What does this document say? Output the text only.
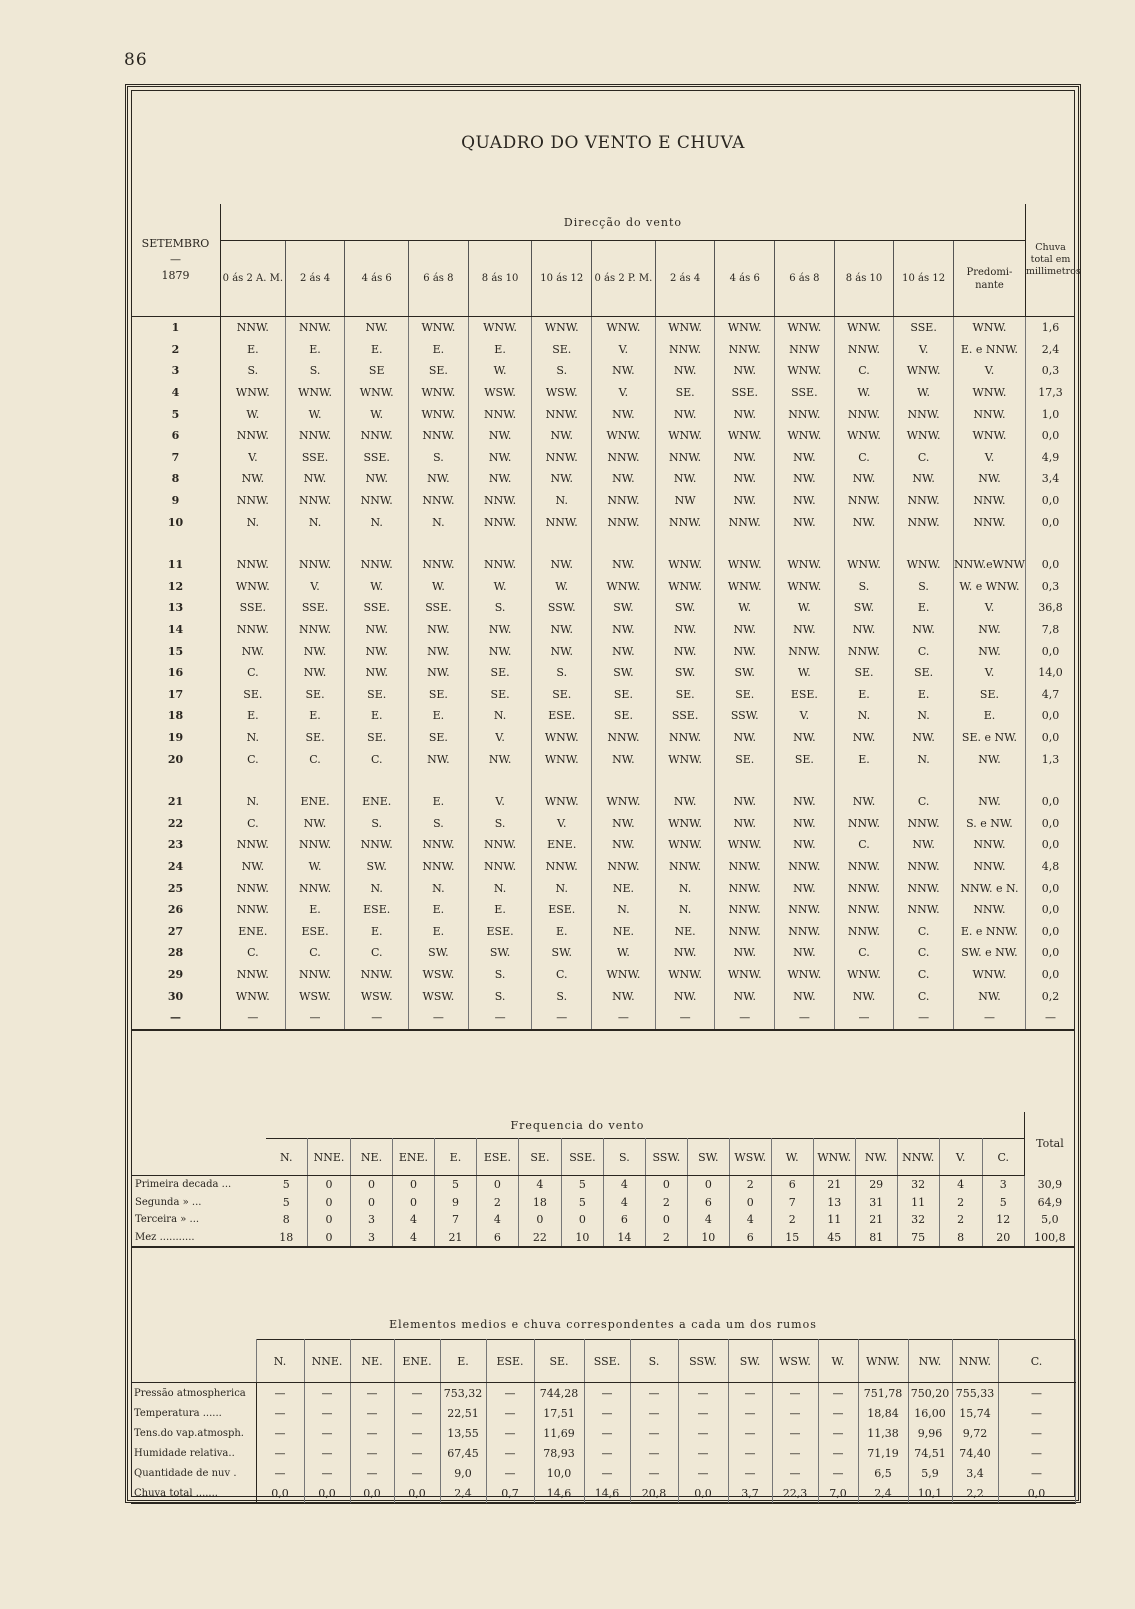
86
QUADRO DO VENTO E CHUVA
SETEMBRO
—
1879	Direcção do vento													Chuva total em millimetros
	0 ás 2 A. M.	2 ás 4	4 ás 6	6 ás 8	8 ás 10	10 ás 12	0 ás 2 P. M.	2 ás 4	4 ás 6	6 ás 8	8 ás 10	10 ás 12	Predomi-nante	
1	NNW.	NNW.	NW.	WNW.	WNW.	WNW.	WNW.	WNW.	WNW.	WNW.	WNW.	SSE.	WNW.	1,6
2	E.	E.	E.	E.	E.	SE.	V.	NNW.	NNW.	NNW	NNW.	V.	E. e NNW.	2,4
3	S.	S.	SE	SE.	W.	S.	NW.	NW.	NW.	WNW.	C.	WNW.	V.	0,3
4	WNW.	WNW.	WNW.	WNW.	WSW.	WSW.	V.	SE.	SSE.	SSE.	W.	W.	WNW.	17,3
5	W.	W.	W.	WNW.	NNW.	NNW.	NW.	NW.	NW.	NNW.	NNW.	NNW.	NNW.	1,0
6	NNW.	NNW.	NNW.	NNW.	NW.	NW.	WNW.	WNW.	WNW.	WNW.	WNW.	WNW.	WNW.	0,0
7	V.	SSE.	SSE.	S.	NW.	NNW.	NNW.	NNW.	NW.	NW.	C.	C.	V.	4,9
8	NW.	NW.	NW.	NW.	NW.	NW.	NW.	NW.	NW.	NW.	NW.	NW.	NW.	3,4
9	NNW.	NNW.	NNW.	NNW.	NNW.	N.	NNW.	NW	NW.	NW.	NNW.	NNW.	NNW.	0,0
10	N.	N.	N.	N.	NNW.	NNW.	NNW.	NNW.	NNW.	NW.	NW.	NNW.	NNW.	0,0

11	NNW.	NNW.	NNW.	NNW.	NNW.	NW.	NW.	WNW.	WNW.	WNW.	WNW.	WNW.	NNW.eWNW	0,0
12	WNW.	V.	W.	W.	W.	W.	WNW.	WNW.	WNW.	WNW.	S.	S.	W. e WNW.	0,3
13	SSE.	SSE.	SSE.	SSE.	S.	SSW.	SW.	SW.	W.	W.	SW.	E.	V.	36,8
14	NNW.	NNW.	NW.	NW.	NW.	NW.	NW.	NW.	NW.	NW.	NW.	NW.	NW.	7,8
15	NW.	NW.	NW.	NW.	NW.	NW.	NW.	NW.	NW.	NNW.	NNW.	C.	NW.	0,0
16	C.	NW.	NW.	NW.	SE.	S.	SW.	SW.	SW.	W.	SE.	SE.	V.	14,0
17	SE.	SE.	SE.	SE.	SE.	SE.	SE.	SE.	SE.	ESE.	E.	E.	SE.	4,7
18	E.	E.	E.	E.	N.	ESE.	SE.	SSE.	SSW.	V.	N.	N.	E.	0,0
19	N.	SE.	SE.	SE.	V.	WNW.	NNW.	NNW.	NW.	NW.	NW.	NW.	SE. e NW.	0,0
20	C.	C.	C.	NW.	NW.	WNW.	NW.	WNW.	SE.	SE.	E.	N.	NW.	1,3

21	N.	ENE.	ENE.	E.	V.	WNW.	WNW.	NW.	NW.	NW.	NW.	C.	NW.	0,0
22	C.	NW.	S.	S.	S.	V.	NW.	WNW.	NW.	NW.	NNW.	NNW.	S. e NW.	0,0
23	NNW.	NNW.	NNW.	NNW.	NNW.	ENE.	NW.	WNW.	WNW.	NW.	C.	NW.	NNW.	0,0
24	NW.	W.	SW.	NNW.	NNW.	NNW.	NNW.	NNW.	NNW.	NNW.	NNW.	NNW.	NNW.	4,8
25	NNW.	NNW.	N.	N.	N.	N.	NE.	N.	NNW.	NW.	NNW.	NNW.	NNW. e N.	0,0
26	NNW.	E.	ESE.	E.	E.	ESE.	N.	N.	NNW.	NNW.	NNW.	NNW.	NNW.	0,0
27	ENE.	ESE.	E.	E.	ESE.	E.	NE.	NE.	NNW.	NNW.	NNW.	C.	E. e NNW.	0,0
28	C.	C.	C.	SW.	SW.	SW.	W.	NW.	NW.	NW.	C.	C.	SW. e NW.	0,0
29	NNW.	NNW.	NNW.	WSW.	S.	C.	WNW.	WNW.	WNW.	WNW.	WNW.	C.	WNW.	0,0
30	WNW.	WSW.	WSW.	WSW.	S.	S.	NW.	NW.	NW.	NW.	NW.	C.	NW.	0,2
—	—	—	—	—	—	—	—	—	—	—	—	—	—	—
Frequencia do vento																			Total
	N.	NNE.	NE.	ENE.	E.	ESE.	SE.	SSE.	S.	SSW.	SW.	WSW.	W.	WNW.	NW.	NNW.	V.	C.	
Primeira decada ...	5	0	0	0	5	0	4	5	4	0	0	2	6	21	29	32	4	3	30,9
Segunda » ...	5	0	0	0	9	2	18	5	4	2	6	0	7	13	31	11	2	5	64,9
Terceira » ...	8	0	3	4	7	4	0	0	6	0	4	4	2	11	21	32	2	12	5,0
Mez ...........	18	0	3	4	21	6	22	10	14	2	10	6	15	45	81	75	8	20	100,8
Elementos medios e chuva correspondentes a cada um dos rumos																	
	N.	NNE.	NE.	ENE.	E.	ESE.	SE.	SSE.	S.	SSW.	SW.	WSW.	W.	WNW.	NW.	NNW.	C.
Pressão atmospherica	—	—	—	—	753,32	—	744,28	—	—	—	—	—	—	751,78	750,20	755,33	—
Temperatura ......	—	—	—	—	22,51	—	17,51	—	—	—	—	—	—	18,84	16,00	15,74	—
Tens.do vap.atmosph.	—	—	—	—	13,55	—	11,69	—	—	—	—	—	—	11,38	9,96	9,72	—
Humidade relativa..	—	—	—	—	67,45	—	78,93	—	—	—	—	—	—	71,19	74,51	74,40	—
Quantidade de nuv .	—	—	—	—	9,0	—	10,0	—	—	—	—	—	—	6,5	5,9	3,4	—
Chuva total .......	0,0	0,0	0,0	0,0	2,4	0,7	14,6	14,6	20,8	0,0	3,7	22,3	7,0	2,4	10,1	2,2	0,0
